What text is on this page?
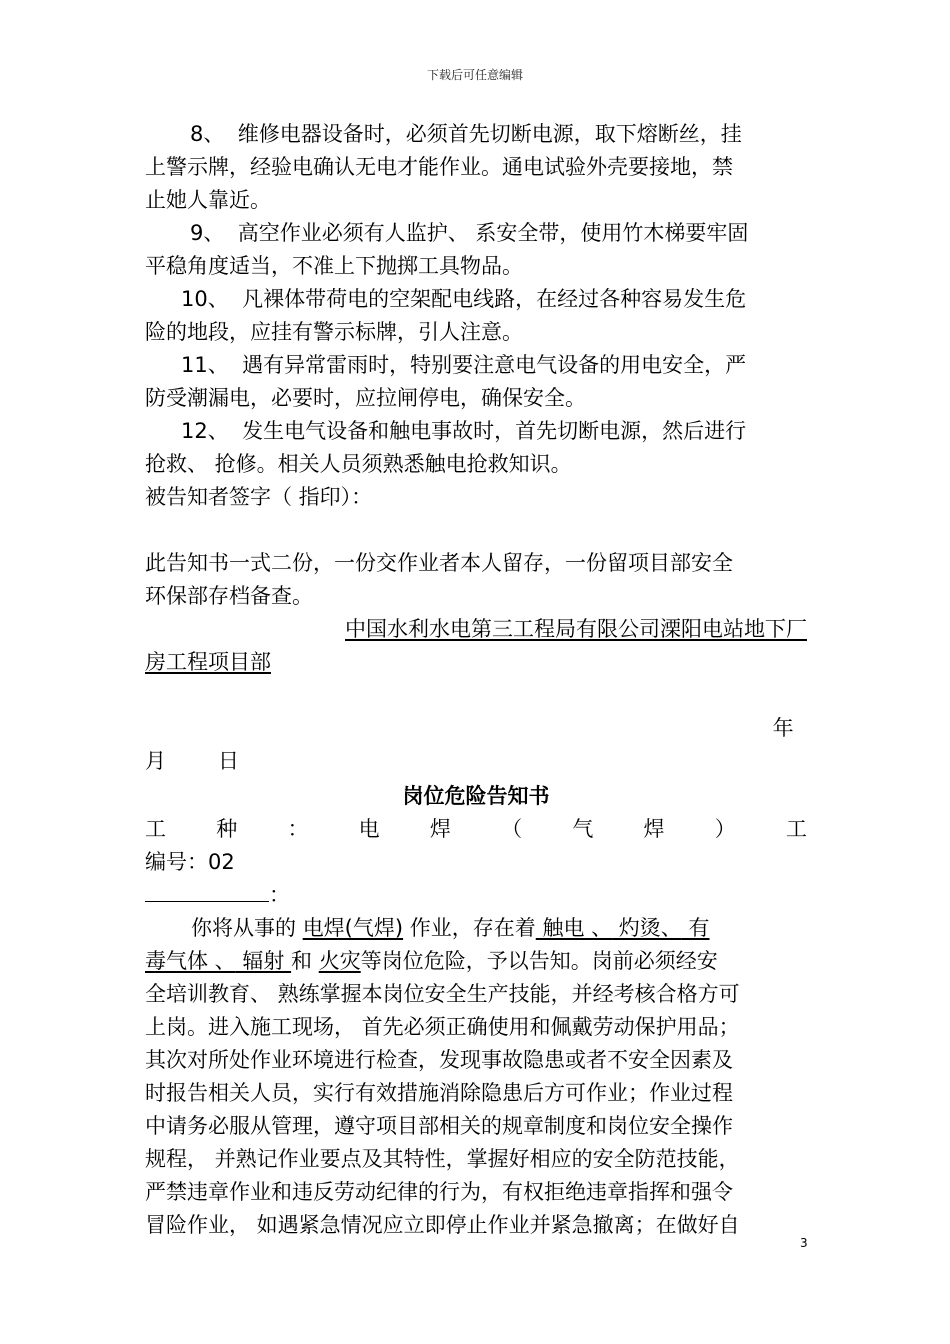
下载后可任意编辑
8、 维修电器设备时，必须首先切断电源，取下熔断丝，挂
上警示牌，经验电确认无电才能作业。通电试验外壳要接地，禁
止她人靠近。
9、 高空作业必须有人监护、 系安全带，使用竹木梯要牢固
平稳角度适当，不准上下抛掷工具物品。
10、 凡裸体带荷电的空架配电线路，在经过各种容易发生危
险的地段，应挂有警示标牌，引人注意。
11、 遇有异常雷雨时，特别要注意电气设备的用电安全，严
防受潮漏电，必要时，应拉闸停电，确保安全。
12、 发生电气设备和触电事故时，首先切断电源，然后进行
抢救、 抢修。相关人员须熟悉触电抢救知识。
被告知者签字（ 指印）：
此告知书一式二份，一份交作业者本人留存，一份留项目部安全
环保部存档备查。
中国水利水电第三工程局有限公司溧阳电站地下厂
房工程项目部
年
月 日
岗位危险告知书
工 种 ： 电 焊 （ 气 焊 ） 工
编号：02
：
你将从事的 电焊(气焊) 作业，存在着 触电 、 灼烫、 有
毒气体 、 辐射 和 火灾等岗位危险，予以告知。岗前必须经安
全培训教育、 熟练掌握本岗位安全生产技能，并经考核合格方可
上岗。进入施工现场， 首先必须正确使用和佩戴劳动保护用品；
其次对所处作业环境进行检查，发现事故隐患或者不安全因素及
时报告相关人员，实行有效措施消除隐患后方可作业；作业过程
中请务必服从管理，遵守项目部相关的规章制度和岗位安全操作
规程， 并熟记作业要点及其特性，掌握好相应的安全防范技能，
严禁违章作业和违反劳动纪律的行为，有权拒绝违章指挥和强令
冒险作业， 如遇紧急情况应立即停止作业并紧急撤离；在做好自
3
